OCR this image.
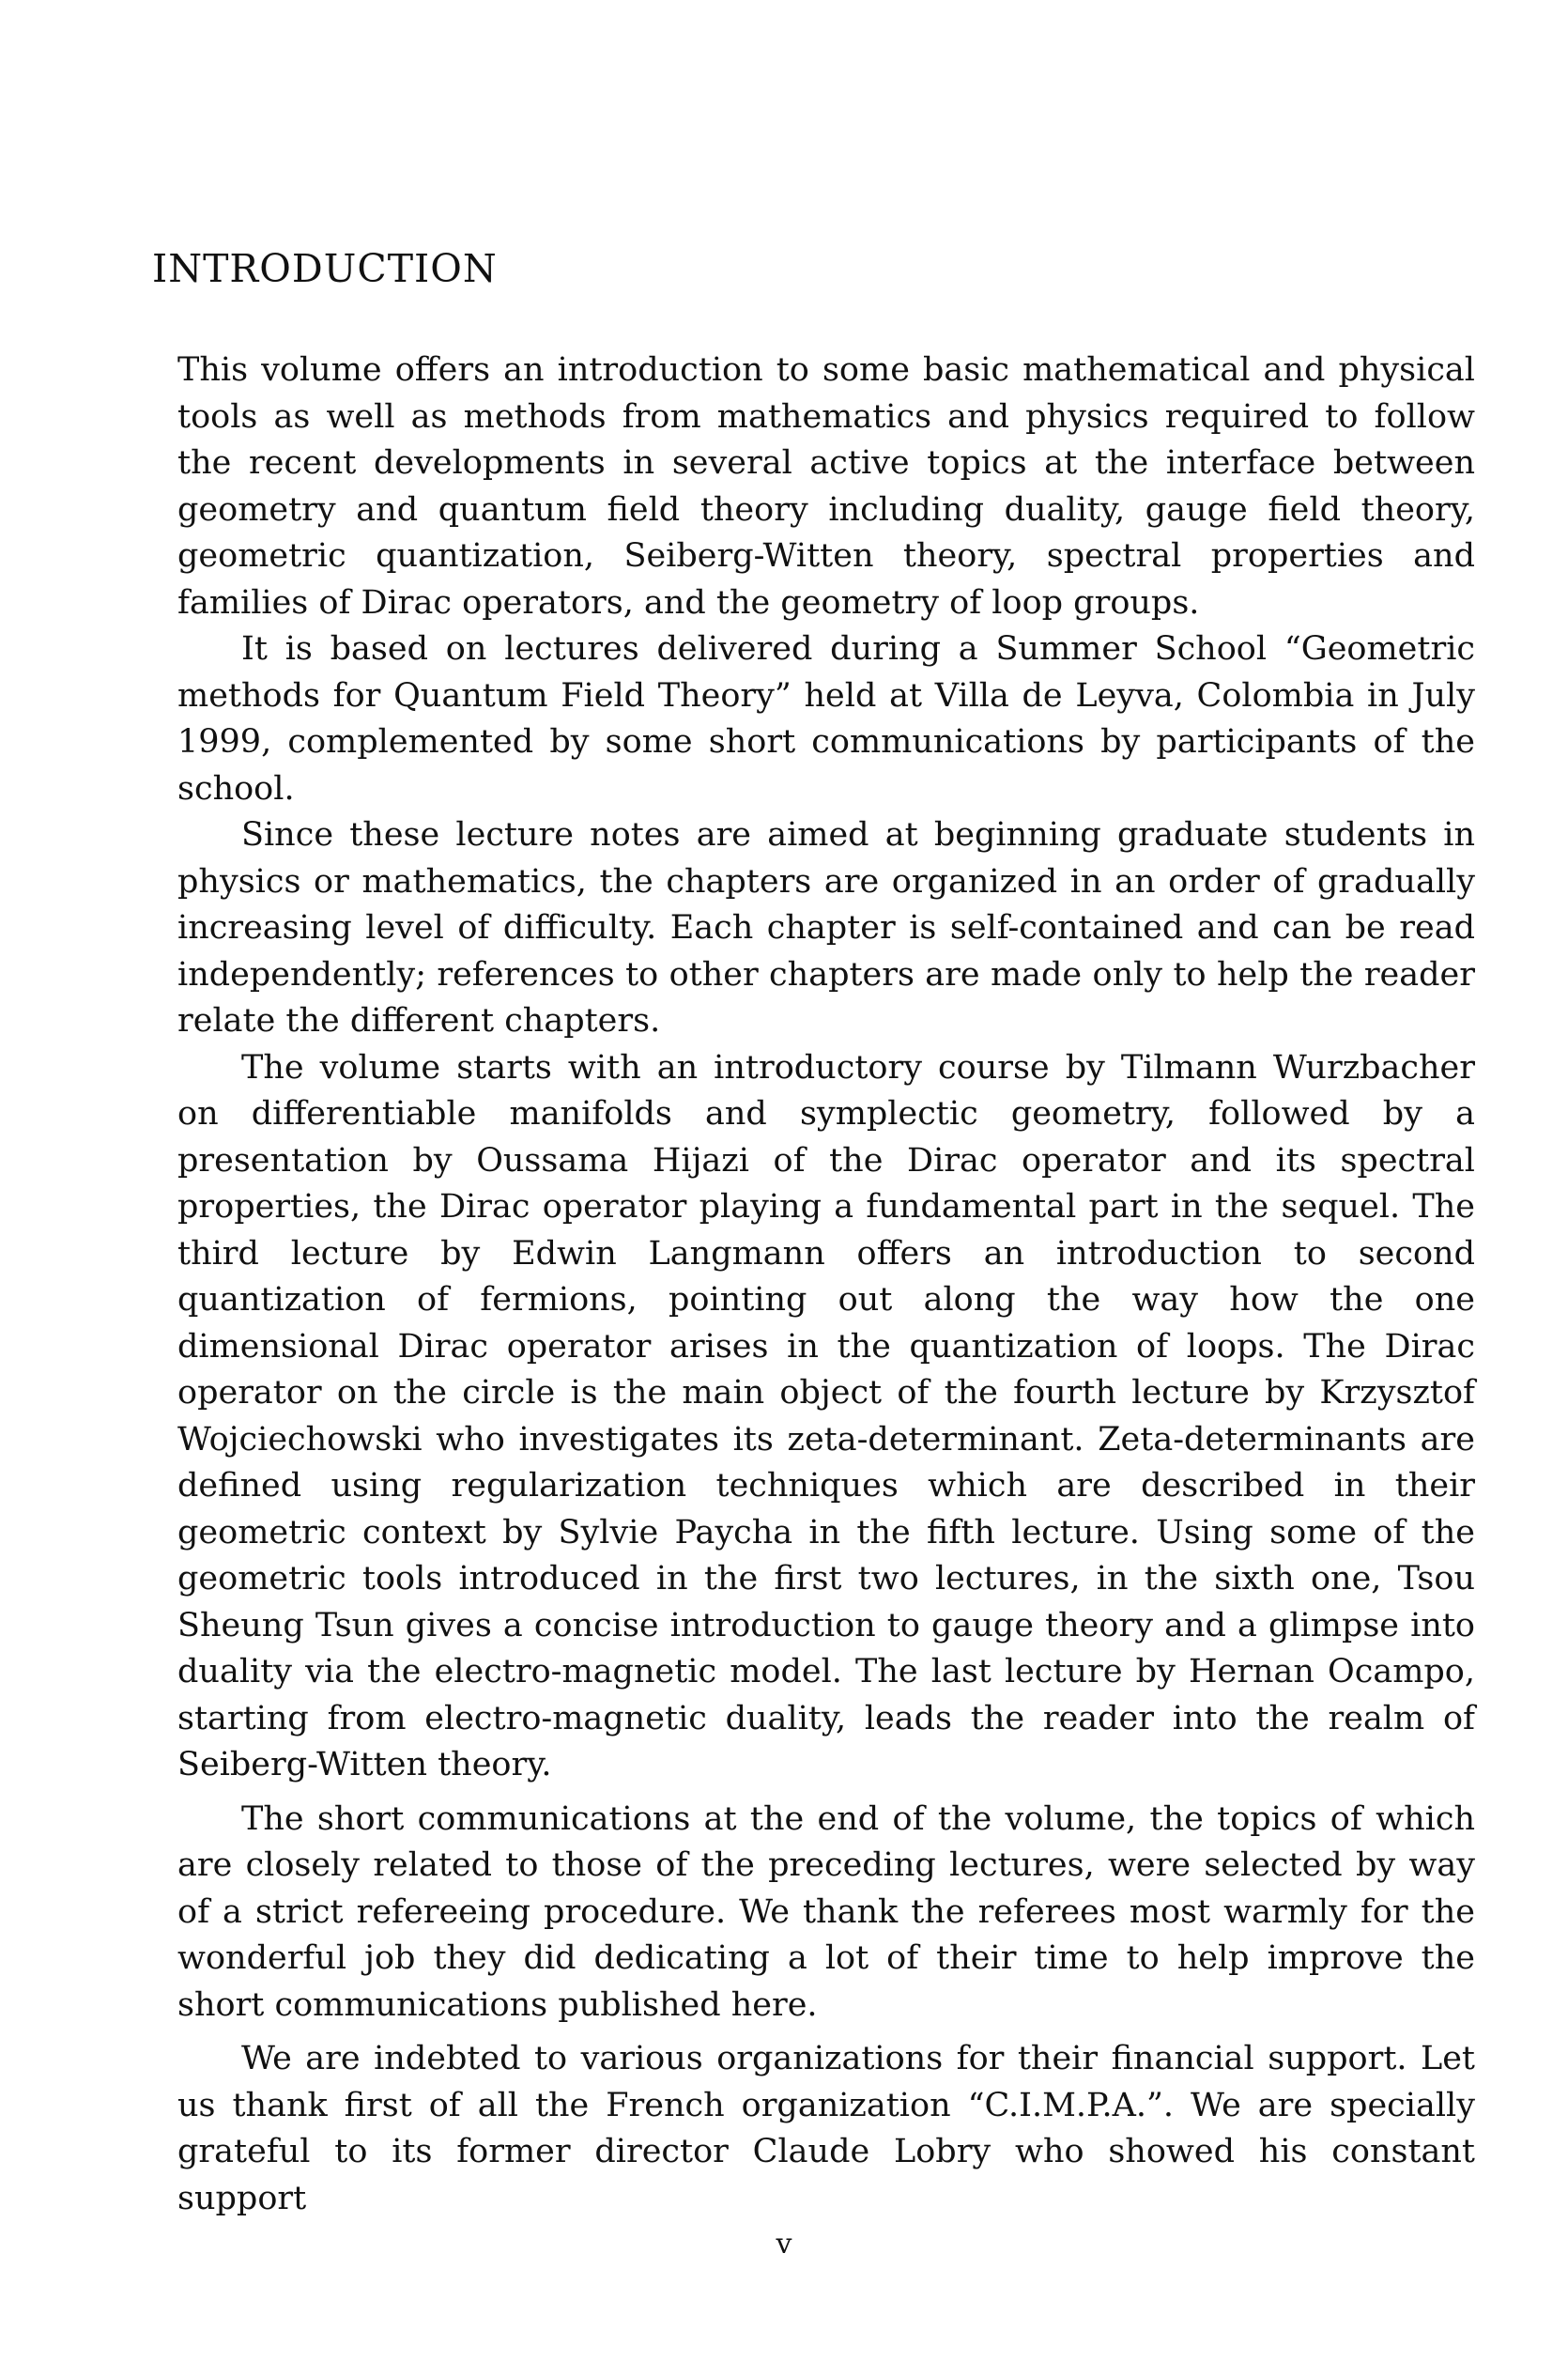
INTRODUCTION

This volume offers an introduction to some basic mathematical and physical tools as well as methods from mathematics and physics required to follow the recent developments in several active topics at the interface between geometry and quantum field theory including duality, gauge field theory, geometric quantization, Seiberg-Witten theory, spectral properties and families of Dirac operators, and the geometry of loop groups.

It is based on lectures delivered during a Summer School “Geometric methods for Quantum Field Theory” held at Villa de Leyva, Colombia in July 1999, complemented by some short communications by participants of the school.

Since these lecture notes are aimed at beginning graduate students in physics or mathematics, the chapters are organized in an order of gradually increasing level of difficulty. Each chapter is self-contained and can be read independently; references to other chapters are made only to help the reader relate the different chapters.

The volume starts with an introductory course by Tilmann Wurzbacher on differentiable manifolds and symplectic geometry, followed by a presentation by Oussama Hijazi of the Dirac operator and its spectral properties, the Dirac operator playing a fundamental part in the sequel. The third lecture by Edwin Langmann offers an introduction to second quantization of fermions, pointing out along the way how the one dimensional Dirac operator arises in the quantization of loops. The Dirac operator on the circle is the main object of the fourth lecture by Krzysztof Wojciechowski who investigates its zeta-determinant. Zeta-determinants are defined using regularization techniques which are described in their geometric context by Sylvie Paycha in the fifth lecture. Using some of the geometric tools introduced in the first two lectures, in the sixth one, Tsou Sheung Tsun gives a concise introduction to gauge theory and a glimpse into duality via the electro-magnetic model. The last lecture by Hernan Ocampo, starting from electro-magnetic duality, leads the reader into the realm of Seiberg-Witten theory.

The short communications at the end of the volume, the topics of which are closely related to those of the preceding lectures, were selected by way of a strict refereeing procedure. We thank the referees most warmly for the wonderful job they did dedicating a lot of their time to help improve the short communications published here.

We are indebted to various organizations for their financial support. Let us thank first of all the French organization “C.I.M.P.A.”. We are specially grateful to its former director Claude Lobry who showed his constant support

v
